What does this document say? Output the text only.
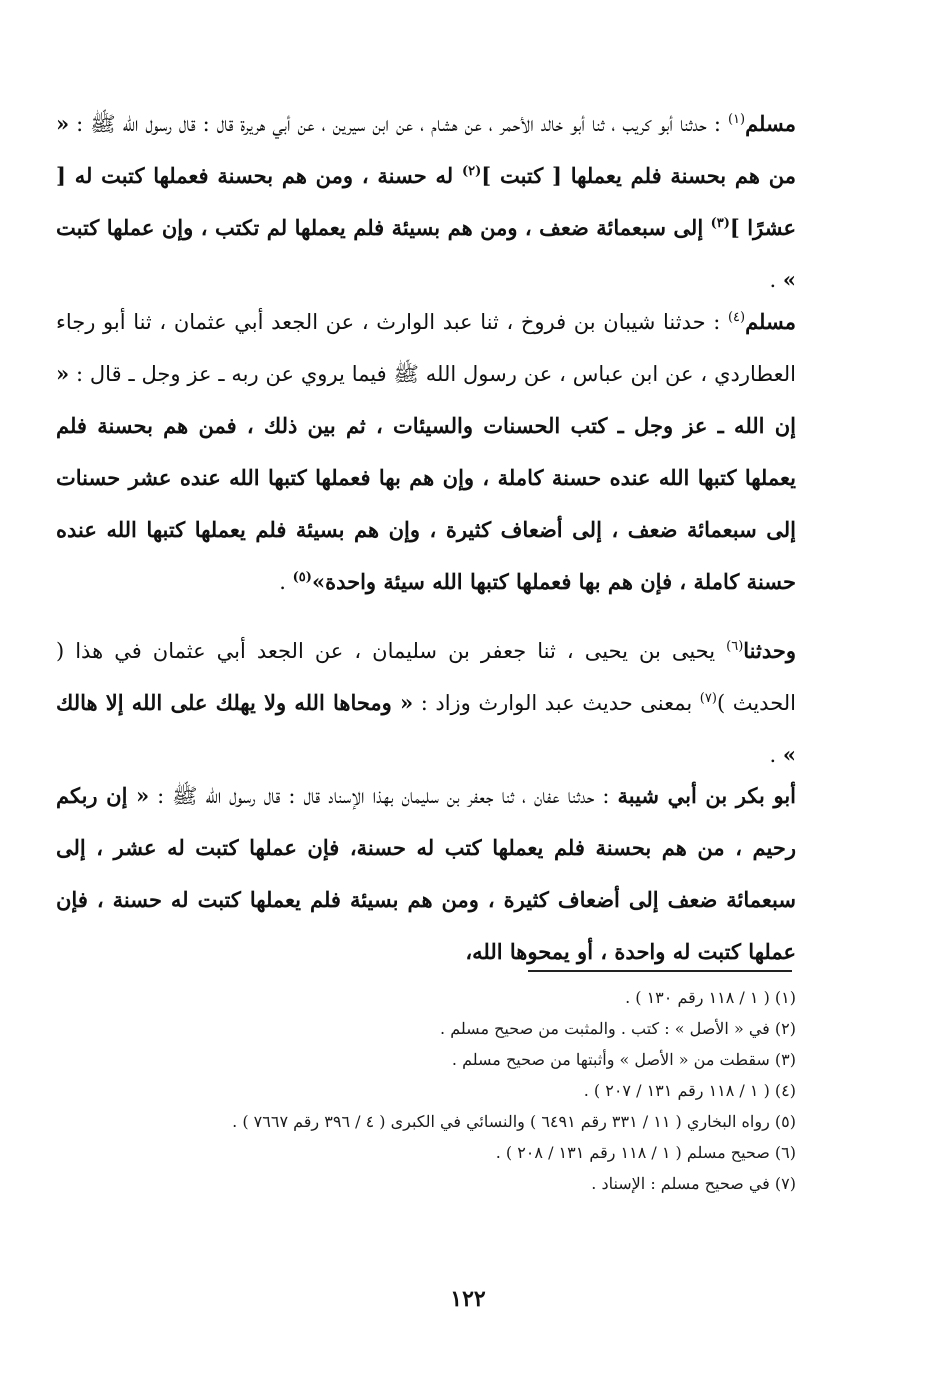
مسلم$^{(١)}$ : حدثنا أبو كريب ، ثنا أبو خالد الأحمر ، عن هشام ، عن ابن سيرين ، عن أبي هريرة قال : قال رسول الله ﷺ : « من هم بحسنة فلم يعملها [ كتبت ]$^{(٢)}$ له حسنة ، ومن هم بحسنة فعملها كتبت له [ عشرًا ]$^{(٣)}$ إلى سبعمائة ضعف ، ومن هم بسيئة فلم يعملها لم تكتب ، وإن عملها كتبت » .

مسلم$^{(٤)}$ : حدثنا شيبان بن فروخ ، ثنا عبد الوارث ، عن الجعد أبي عثمان ، ثنا أبو رجاء العطاردي ، عن ابن عباس ، عن رسول الله ﷺ فيما يروي عن ربه ـ عز وجل ـ قال : « إن الله ـ عز وجل ـ كتب الحسنات والسيئات ، ثم بين ذلك ، فمن هم بحسنة فلم يعملها كتبها الله عنده حسنة كاملة ، وإن هم بها فعملها كتبها الله عنده عشر حسنات إلى سبعمائة ضعف ، إلى أضعاف كثيرة ، وإن هم بسيئة فلم يعملها كتبها الله عنده حسنة كاملة ، فإن هم بها فعملها كتبها الله سيئة واحدة»$^{(٥)}$ .

وحدثنا$^{(٦)}$ يحيى بن يحيى ، ثنا جعفر بن سليمان ، عن الجعد أبي عثمان في هذا ( الحديث )$^{(٧)}$ بمعنى حديث عبد الوارث وزاد : « ومحاها الله ولا يهلك على الله إلا هالك » .

أبو بكر بن أبي شيبة : حدثنا عفان ، ثنا جعفر بن سليمان بهذا الإسناد قال : قال رسول الله ﷺ : « إن ربكم رحيم ، من هم بحسنة فلم يعملها كتب له حسنة، فإن عملها كتبت له عشر ، إلى سبعمائة ضعف إلى أضعاف كثيرة ، ومن هم بسيئة فلم يعملها كتبت له حسنة ، فإن عملها كتبت له واحدة ، أو يمحوها الله،

(١) ( ١ / ١١٨ رقم ١٣٠ ) .
(٢) في « الأصل » : كتب . والمثبت من صحيح مسلم .
(٣) سقطت من « الأصل » وأثبتها من صحيح مسلم .
(٤) ( ١ / ١١٨ رقم ١٣١ / ٢٠٧ ) .
(٥) رواه البخاري ( ١١ / ٣٣١ رقم ٦٤٩١ ) والنسائي في الكبرى ( ٤ / ٣٩٦ رقم ٧٦٦٧ ) .
(٦) صحيح مسلم ( ١ / ١١٨ رقم ١٣١ / ٢٠٨ ) .
(٧) في صحيح مسلم : الإسناد .
١٢٢
